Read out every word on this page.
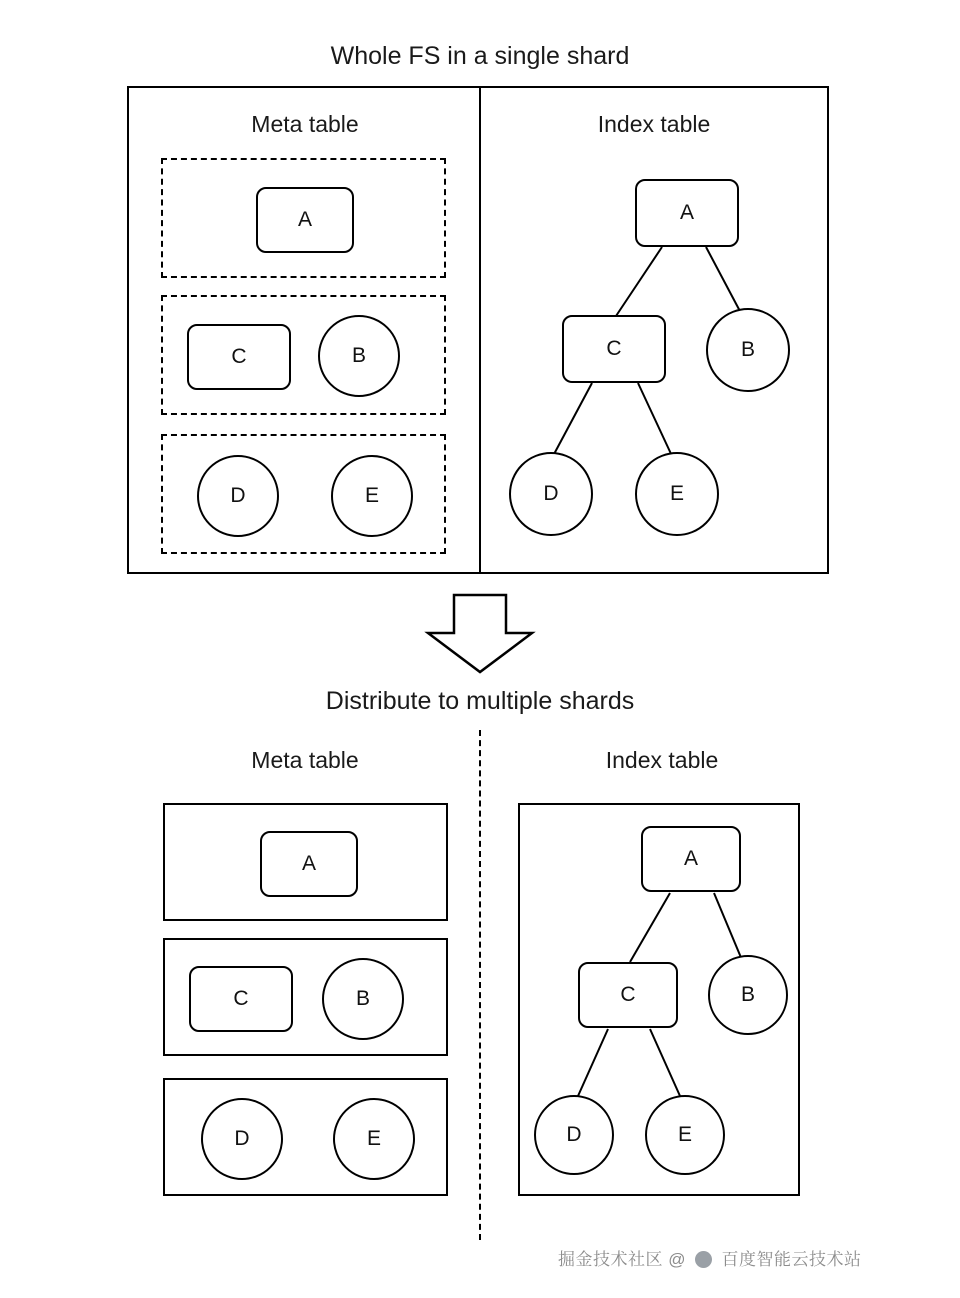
Whole FS in a single shard
Meta table	Index table
A
C	B
D	E
A
C	B
D	E
Distribute to multiple shards
Meta table	Index table
A
C	B
D	E
A
C	B
D	E
掘金技术社区 @ 百度智能云技术站
